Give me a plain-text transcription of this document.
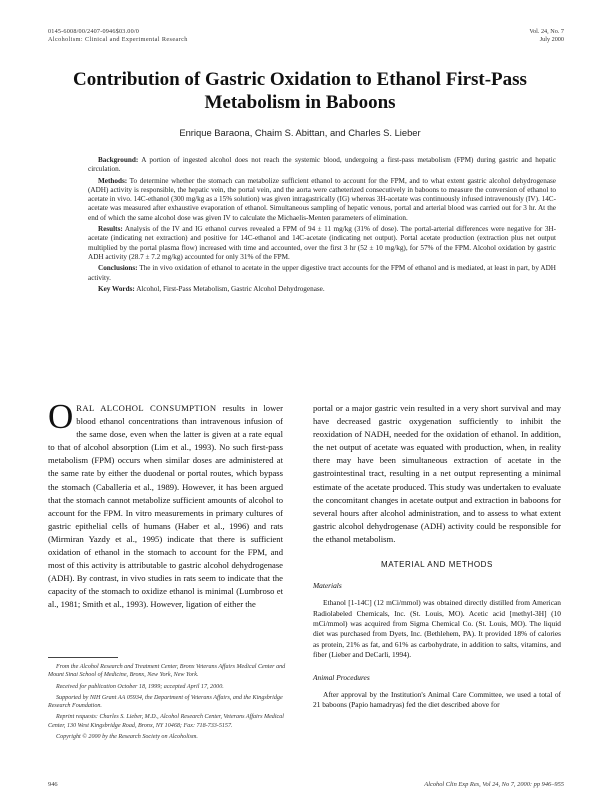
0145-6008/00/2407-0946$03.00/0
Alcoholism: Clinical and Experimental Research
Vol. 24, No. 7
July 2000
Contribution of Gastric Oxidation to Ethanol First-Pass Metabolism in Baboons
Enrique Baraona, Chaim S. Abittan, and Charles S. Lieber

Background: A portion of ingested alcohol does not reach the systemic blood, undergoing a first-pass metabolism (FPM) during gastric and hepatic circulation.

Methods: To determine whether the stomach can metabolize sufficient ethanol to account for the FPM, and to what extent gastric alcohol dehydrogenase (ADH) activity is responsible, the hepatic vein, the portal vein, and the aorta were catheterized consecutively in baboons to measure the conversion of ethanol to acetate in vivo. 14C-ethanol (300 mg/kg as a 15% solution) was given intragastrically (IG) whereas 3H-acetate was continuously infused intravenously (IV). 14C-acetate was measured after exhaustive evaporation of ethanol. Simultaneous sampling of hepatic venous, portal and arterial blood was carried out for 3 hr. At the end of which the same alcohol dose was given IV to calculate the Michaelis-Menten parameters of elimination.

Results: Analysis of the IV and IG ethanol curves revealed a FPM of 94 ± 11 mg/kg (31% of dose). The portal-arterial differences were negative for 3H-acetate (indicating net extraction) and positive for 14C-ethanol and 14C-acetate (indicating net output). Portal acetate production (extraction plus net output multiplied by the portal plasma flow) increased with time and accounted, over the first 3 hr (52 ± 10 mg/kg), for 57% of the FPM. Alcohol oxidation by gastric ADH activity (28.7 ± 7.2 mg/kg) accounted for only 31% of the FPM.

Conclusions: The in vivo oxidation of ethanol to acetate in the upper digestive tract accounts for the FPM of ethanol and is mediated, at least in part, by ADH activity.

Key Words: Alcohol, First-Pass Metabolism, Gastric Alcohol Dehydrogenase.

ORAL ALCOHOL CONSUMPTION results in lower blood ethanol concentrations than intravenous infusion of the same dose, even when the latter is given at a rate equal to that of alcohol absorption (Lim et al., 1993). No such first-pass metabolism (FPM) occurs when similar doses are administered at the same rate by either the duodenal or portal routes, which bypass the stomach (Caballeria et al., 1989). However, it has been argued that the stomach cannot metabolize sufficient amounts of alcohol to account for the FPM. In vitro measurements in primary cultures of gastric epithelial cells of humans (Haber et al., 1996) and rats (Mirmiran Yazdy et al., 1995) indicate that there is sufficient oxidation of ethanol in the stomach to account for the FPM, and most of this activity is attributable to gastric alcohol dehydrogenase (ADH). By contrast, in vivo studies in rats seem to indicate that the capacity of the stomach to oxidize ethanol is minimal (Lumbroso et al., 1981; Smith et al., 1993). However, ligation of either the

From the Alcohol Research and Treatment Center, Bronx Veterans Affairs Medical Center and Mount Sinai School of Medicine, Bronx, New York, New York.

Received for publication October 18, 1999; accepted April 17, 2000.

Supported by NIH Grant AA 05934, the Department of Veterans Affairs, and the Kingsbridge Research Foundation.

Reprint requests: Charles S. Lieber, M.D., Alcohol Research Center, Veterans Affairs Medical Center, 130 West Kingsbridge Road, Bronx, NY 10468; Fax: 718-733-5157.

Copyright © 2000 by the Research Society on Alcoholism.

portal or a major gastric vein resulted in a very short survival and may have decreased gastric oxygenation sufficiently to inhibit the reoxidation of NADH, needed for the oxidation of ethanol. In addition, the net output of acetate was equated with production, when, in reality there may have been simultaneous extraction of acetate in the gastrointestinal tract, resulting in a net output representing a minimal estimate of the acetate produced. This study was undertaken to evaluate the concomitant changes in acetate output and extraction in baboons for several hours after alcohol administration, and to assess to what extent gastric alcohol dehydrogenase (ADH) activity could be responsible for the ethanol metabolism.

MATERIAL AND METHODS
Materials

Ethanol [1-14C] (12 mCi/mmol) was obtained directly distilled from American Radiolabeled Chemicals, Inc. (St. Louis, MO). Acetic acid [methyl-3H] (10 mCi/mmol) was acquired from Sigma Chemical Co. (St. Louis, MO). The liquid diet was purchased from Dyets, Inc. (Bethlehem, PA). It provided 18% of calories as protein, 21% as fat, and 61% as carbohydrate, in addition to salts, vitamins, and fiber (Lieber and DeCarli, 1994).

Animal Procedures

After approval by the Institution's Animal Care Committee, we used a total of 21 baboons (Papio hamadryas) fed the diet described above for

946	Alcohol Clin Exp Res, Vol 24, No 7, 2000: pp 946–955
